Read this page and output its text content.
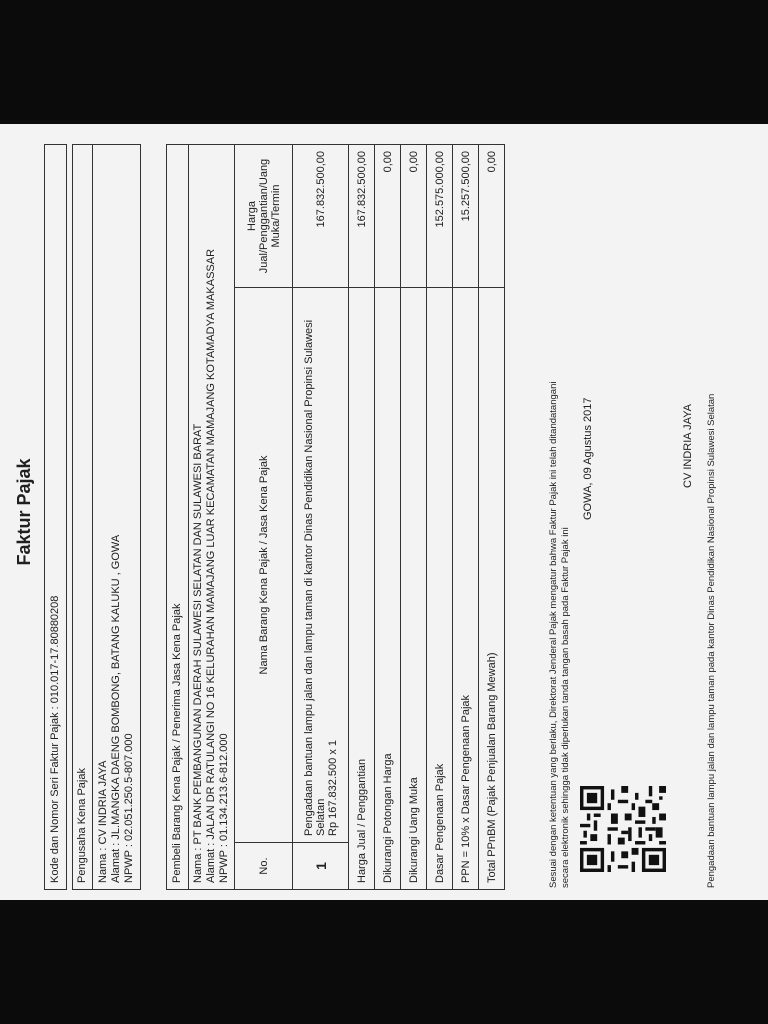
Faktur Pajak
Kode dan Nomor Seri Faktur Pajak : 010.017-17.80880208	Pengusaha Kena Pajak Nama : CV INDRIA JAYA Alamat : JL.MANGKA DAENG BOMBONG, BATANG KALUKU , GOWA NPWP : 02.051.250.5-807.000	Pembeli Barang Kena Pajak / Penerima Jasa Kena Pajak Nama : PT BANK PEMBANGUNAN DAERAH SULAWESI SELATAN DAN SULAWESI BARAT Alamat : JALAN DR RATULANGI NO 16 KELURAHAN MAMAJANG LUAR KECAMATAN MAMAJANG KOTAMADYA MAKASSAR NPWP : 01.134.213.6-812.000	No.	Nama Barang Kena Pajak / Jasa Kena Pajak	Harga Jual/Penggantian/Uang Muka/Termin
1	Pengadaan bantuan lampu jalan dan lampu taman di kantor Dinas Pendidikan Nasional Propinsi Sulawesi Selatan Rp 167.832.500 x 1	167.832.500,00
Harga Jual / Penggantian		167.832.500,00
Dikurangi Potongan Harga		0,00
Dikurangi Uang Muka		0,00
Dasar Pengenaan Pajak		152.575.000,00
PPN = 10% x Dasar Pengenaan Pajak		15.257.500,00
Total PPnBM (Pajak Penjualan Barang Mewah)		0,00
Sesuai dengan ketentuan yang berlaku, Direktorat Jenderal Pajak mengatur bahwa Faktur Pajak ini telah ditandatangani secara elektronik sehingga tidak diperlukan tanda tangan basah pada Faktur Pajak ini
GOWA, 09 Agustus 2017	CV INDRIA JAYA Pengadaan bantuan lampu jalan dan lampu taman pada kantor Dinas Pendidikan Nasional Propinsi Sulawesi Selatan
